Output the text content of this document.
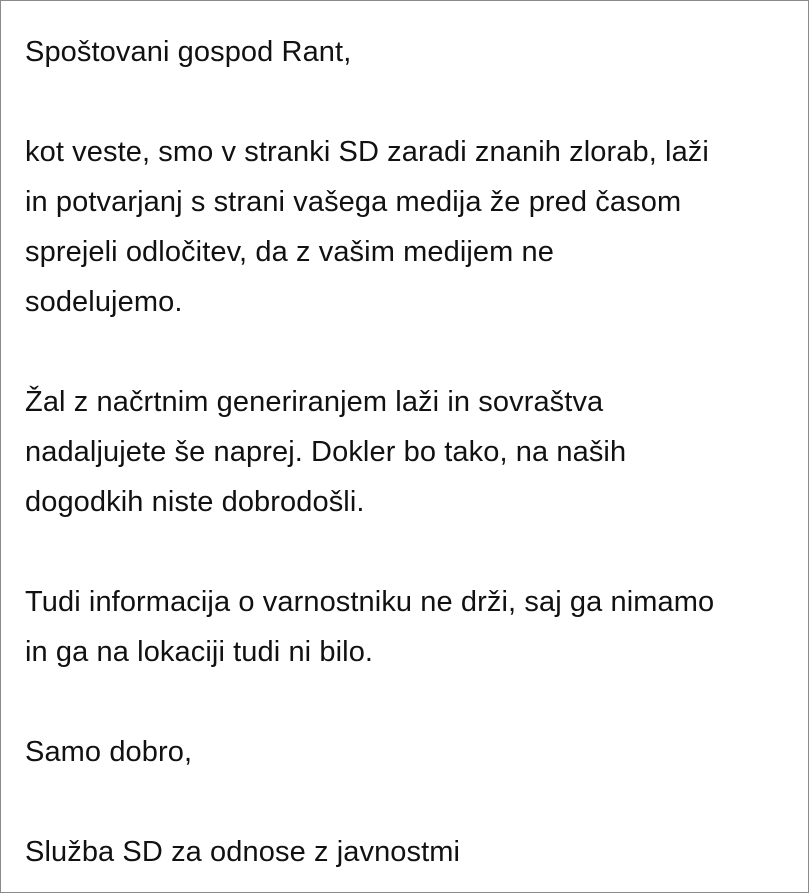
Spoštovani gospod Rant,

kot veste, smo v stranki SD zaradi znanih zlorab, laži
in potvarjanj s strani vašega medija že pred časom
sprejeli odločitev, da z vašim medijem ne
sodelujemo.

Žal z načrtnim generiranjem laži in sovraštva
nadaljujete še naprej. Dokler bo tako, na naših
dogodkih niste dobrodošli.

Tudi informacija o varnostniku ne drži, saj ga nimamo
in ga na lokaciji tudi ni bilo.

Samo dobro,

Služba SD za odnose z javnostmi
